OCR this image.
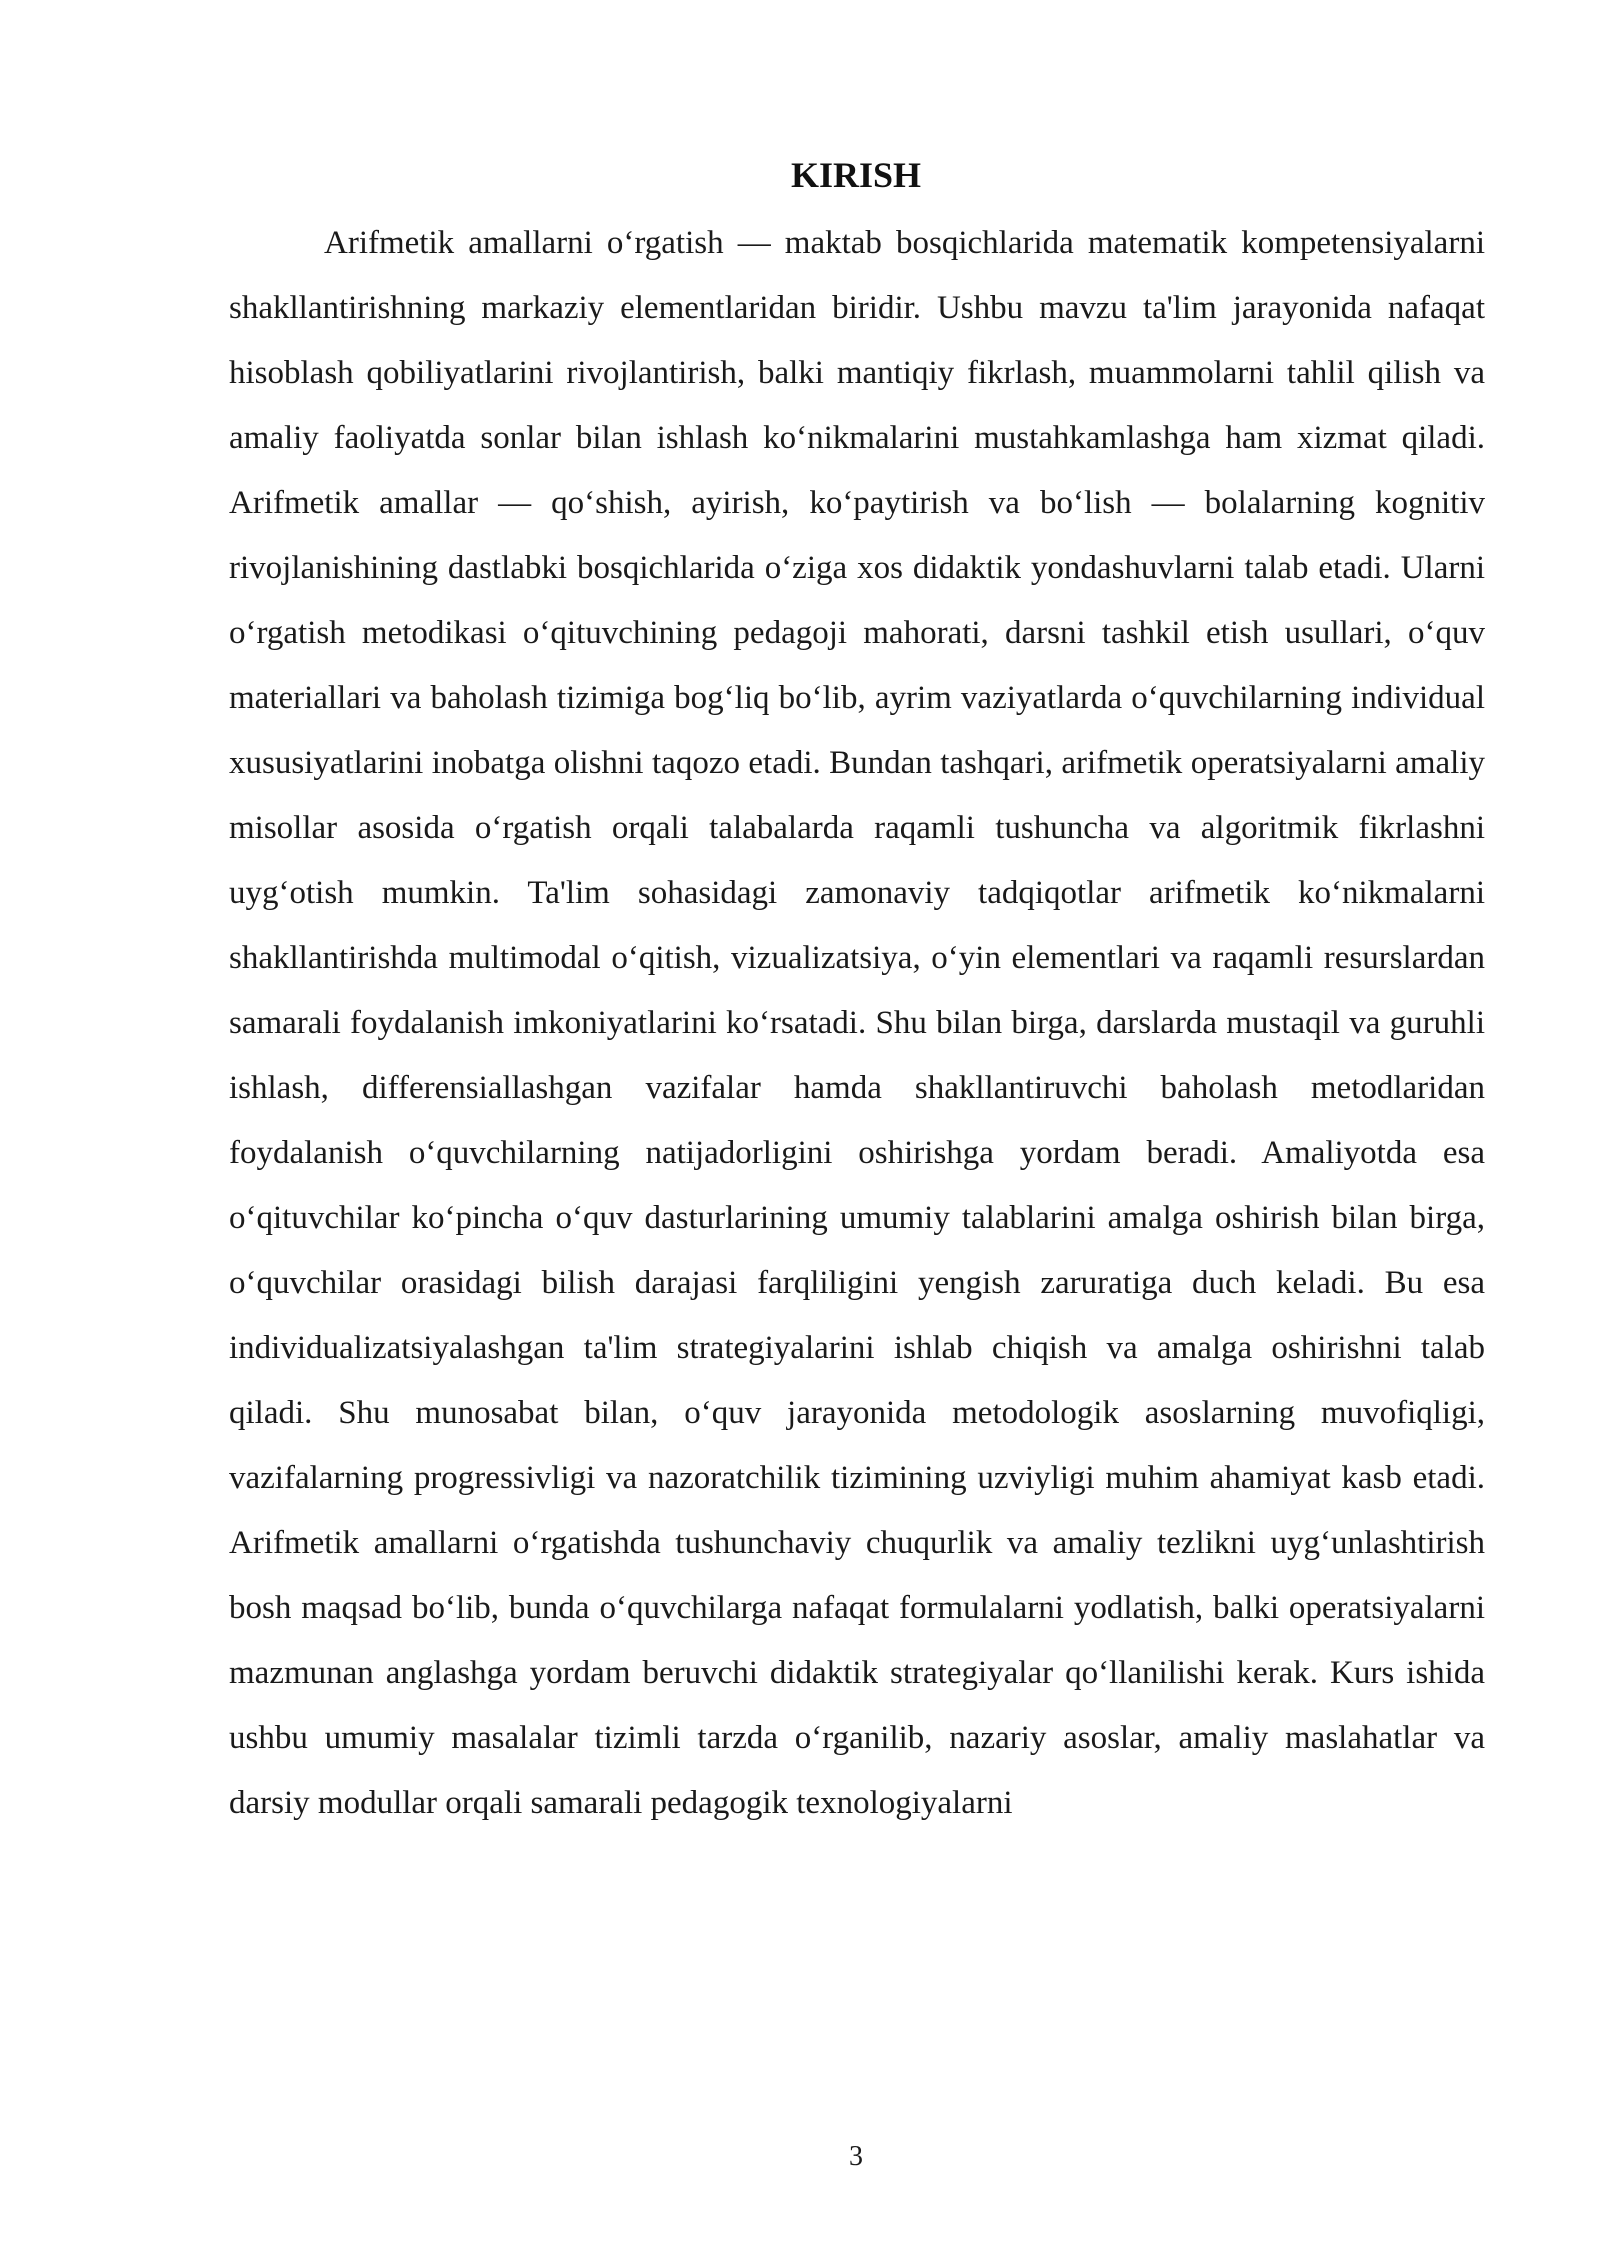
KIRISH

Arifmetik amallarni o‘rgatish — maktab bosqichlarida matematik kompetensiyalarni shakllantirishning markaziy elementlaridan biridir. Ushbu mavzu ta'lim jarayonida nafaqat hisoblash qobiliyatlarini rivojlantirish, balki mantiqiy fikrlash, muammolarni tahlil qilish va amaliy faoliyatda sonlar bilan ishlash ko‘nikmalarini mustahkamlashga ham xizmat qiladi. Arifmetik amallar — qo‘shish, ayirish, ko‘paytirish va bo‘lish — bolalarning kognitiv rivojlanishining dastlabki bosqichlarida o‘ziga xos didaktik yondashuvlarni talab etadi. Ularni o‘rgatish metodikasi o‘qituvchining pedagoji mahorati, darsni tashkil etish usullari, o‘quv materiallari va baholash tizimiga bog‘liq bo‘lib, ayrim vaziyatlarda o‘quvchilarning individual xususiyatlarini inobatga olishni taqozo etadi. Bundan tashqari, arifmetik operatsiyalarni amaliy misollar asosida o‘rgatish orqali talabalarda raqamli tushuncha va algoritmik fikrlashni uyg‘otish mumkin. Ta'lim sohasidagi zamonaviy tadqiqotlar arifmetik ko‘nikmalarni shakllantirishda multimodal o‘qitish, vizualizatsiya, o‘yin elementlari va raqamli resurslardan samarali foydalanish imkoniyatlarini ko‘rsatadi. Shu bilan birga, darslarda mustaqil va guruhli ishlash, differensiallashgan vazifalar hamda shakllantiruvchi baholash metodlaridan foydalanish o‘quvchilarning natijadorligini oshirishga yordam beradi. Amaliyotda esa o‘qituvchilar ko‘pincha o‘quv dasturlarining umumiy talablarini amalga oshirish bilan birga, o‘quvchilar orasidagi bilish darajasi farqliligini yengish zaruratiga duch keladi. Bu esa individualizatsiyalashgan ta'lim strategiyalarini ishlab chiqish va amalga oshirishni talab qiladi. Shu munosabat bilan, o‘quv jarayonida metodologik asoslarning muvofiqligi, vazifalarning progressivligi va nazoratchilik tizimining uzviyligi muhim ahamiyat kasb etadi. Arifmetik amallarni o‘rgatishda tushunchaviy chuqurlik va amaliy tezlikni uyg‘unlashtirish bosh maqsad bo‘lib, bunda o‘quvchilarga nafaqat formulalarni yodlatish, balki operatsiyalarni mazmunan anglashga yordam beruvchi didaktik strategiyalar qo‘llanilishi kerak. Kurs ishida ushbu umumiy masalalar tizimli tarzda o‘rganilib, nazariy asoslar, amaliy maslahatlar va darsiy modullar orqali samarali pedagogik texnologiyalarni

3
